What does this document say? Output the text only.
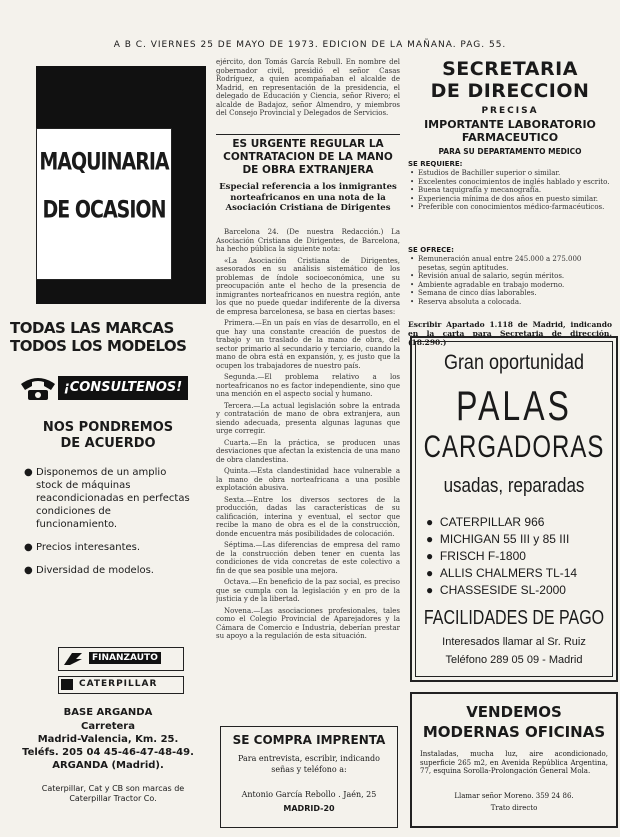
A B C. VIERNES 25 DE MAYO DE 1973. EDICION DE LA MAÑANA. PAG. 55.
MAQUINARIA
DE OCASION
TODAS LAS MARCAS
TODOS LOS MODELOS
¡CONSULTENOS!
NOS PONDREMOS
DE ACUERDO
● Disponemos de un amplio stock de máquinas reacondicionadas en perfectas condiciones de funcionamiento.
● Precios interesantes.
● Diversidad de modelos.
FINANZAUTO
CATERPILLAR
BASE ARGANDA
Carretera
Madrid-Valencia, Km. 25.
Teléfs. 205 04 45-46-47-48-49.
ARGANDA (Madrid).
Caterpillar, Cat y CB son marcas de Caterpillar Tractor Co.
ejército, don Tomás García Rebull. En nombre del gobernador civil, presidió el señor Casas Rodríguez, a quien acompañaban el alcalde de Madrid, en representación de la presidencia, el delegado de Educación y Ciencia, señor Rivero; el alcalde de Badajoz, señor Almendro, y miembros del Consejo Provincial y Delegados de Servicios.
ES URGENTE REGULAR LA CONTRATACION DE LA MANO DE OBRA EXTRANJERA
Especial referencia a los inmigrantes norteafricanos en una nota de la Asociación Cristiana de Dirigentes

Barcelona 24. (De nuestra Redacción.) La Asociación Cristiana de Dirigentes, de Barcelona, ha hecho pública la siguiente nota:

«La Asociación Cristiana de Dirigentes, asesorados en su análisis sistemático de los problemas de índole socioeconómica, une su preocupación ante el hecho de la presencia de inmigrantes norteafricanos en nuestra región, ante los que no puede quedar indiferente de la diversa de empresa barcelonesa, se basa en ciertas bases:

Primera.—En un país en vías de desarrollo, en el que hay una constante creación de puestos de trabajo y un traslado de la mano de obra, del sector primario al secundario y terciario, cuando la mano de obra está en expansión, y, es justo que la ocupen los trabajadores de nuestro país.

Segunda.—El problema relativo a los norteafricanos no es factor independiente, sino que una mención en el aspecto social y humano.

Tercera.—La actual legislación sobre la entrada y contratación de mano de obra extranjera, aun siendo adecuada, presenta algunas lagunas que urge corregir.

Cuarta.—En la práctica, se producen unas desviaciones que afectan la existencia de una mano de obra clandestina.

Quinta.—Esta clandestinidad hace vulnerable a la mano de obra norteafricana a una posible explotación abusiva.

Sexta.—Entre los diversos sectores de la producción, dadas las características de su calificación, interina y eventual, el sector que recibe la mano de obra es el de la construcción, donde encuentra más posibilidades de colocación.

Séptima.—Las diferencias de empresa del ramo de la construcción deben tener en cuenta las condiciones de vida concretas de este colectivo a fin de que sea posible una mejora.

Octava.—En beneficio de la paz social, es preciso que se cumpla con la legislación y en pro de la justicia y de la libertad.

Novena.—Las asociaciones profesionales, tales como el Colegio Provincial de Aparejadores y la Cámara de Comercio e Industria, deberían prestar su apoyo a la regulación de esta situación.

SE COMPRA IMPRENTA
Para entrevista, escribir, indicando señas y teléfono a:
Antonio García Rebollo . Jaén, 25
MADRID-20
SECRETARIA
DE DIRECCION
PRECISA
IMPORTANTE LABORATORIO
FARMACEUTICO
PARA SU DEPARTAMENTO MEDICO
SE REQUIERE:
• Estudios de Bachiller superior o similar.
• Excelentes conocimientos de inglés hablado y escrito.
• Buena taquigrafía y mecanografía.
• Experiencia mínima de dos años en puesto similar.
• Preferible con conocimientos médico-farmacéuticos.
SE OFRECE:
• Remuneración anual entre 245.000 a 275.000 pesetas, según aptitudes.
• Revisión anual de salario, según méritos.
• Ambiente agradable en trabajo moderno.
• Semana de cinco días laborables.
• Reserva absoluta a colocada.
Escribir Apartado 1.118 de Madrid, indicando en la carta para Secretaria de dirección. (18.290.)
Gran oportunidad
PALAS
CARGADORAS
usadas, reparadas
●  CATERPILLAR 966
●  MICHIGAN 55 III y 85 III
●  FRISCH F-1800
●  ALLIS CHALMERS TL-14
●  CHASSESIDE SL-2000
FACILIDADES DE PAGO
Interesados llamar al Sr. Ruiz
Teléfono 289 05 09 - Madrid
VENDEMOS
MODERNAS OFICINAS
Instaladas, mucha luz, aire acondicionado, superficie 265 m2, en Avenida República Argentina, 77, esquina Sorolla-Prolongación General Mola.
Llamar señor Moreno. 359 24 86.
Trato directo
